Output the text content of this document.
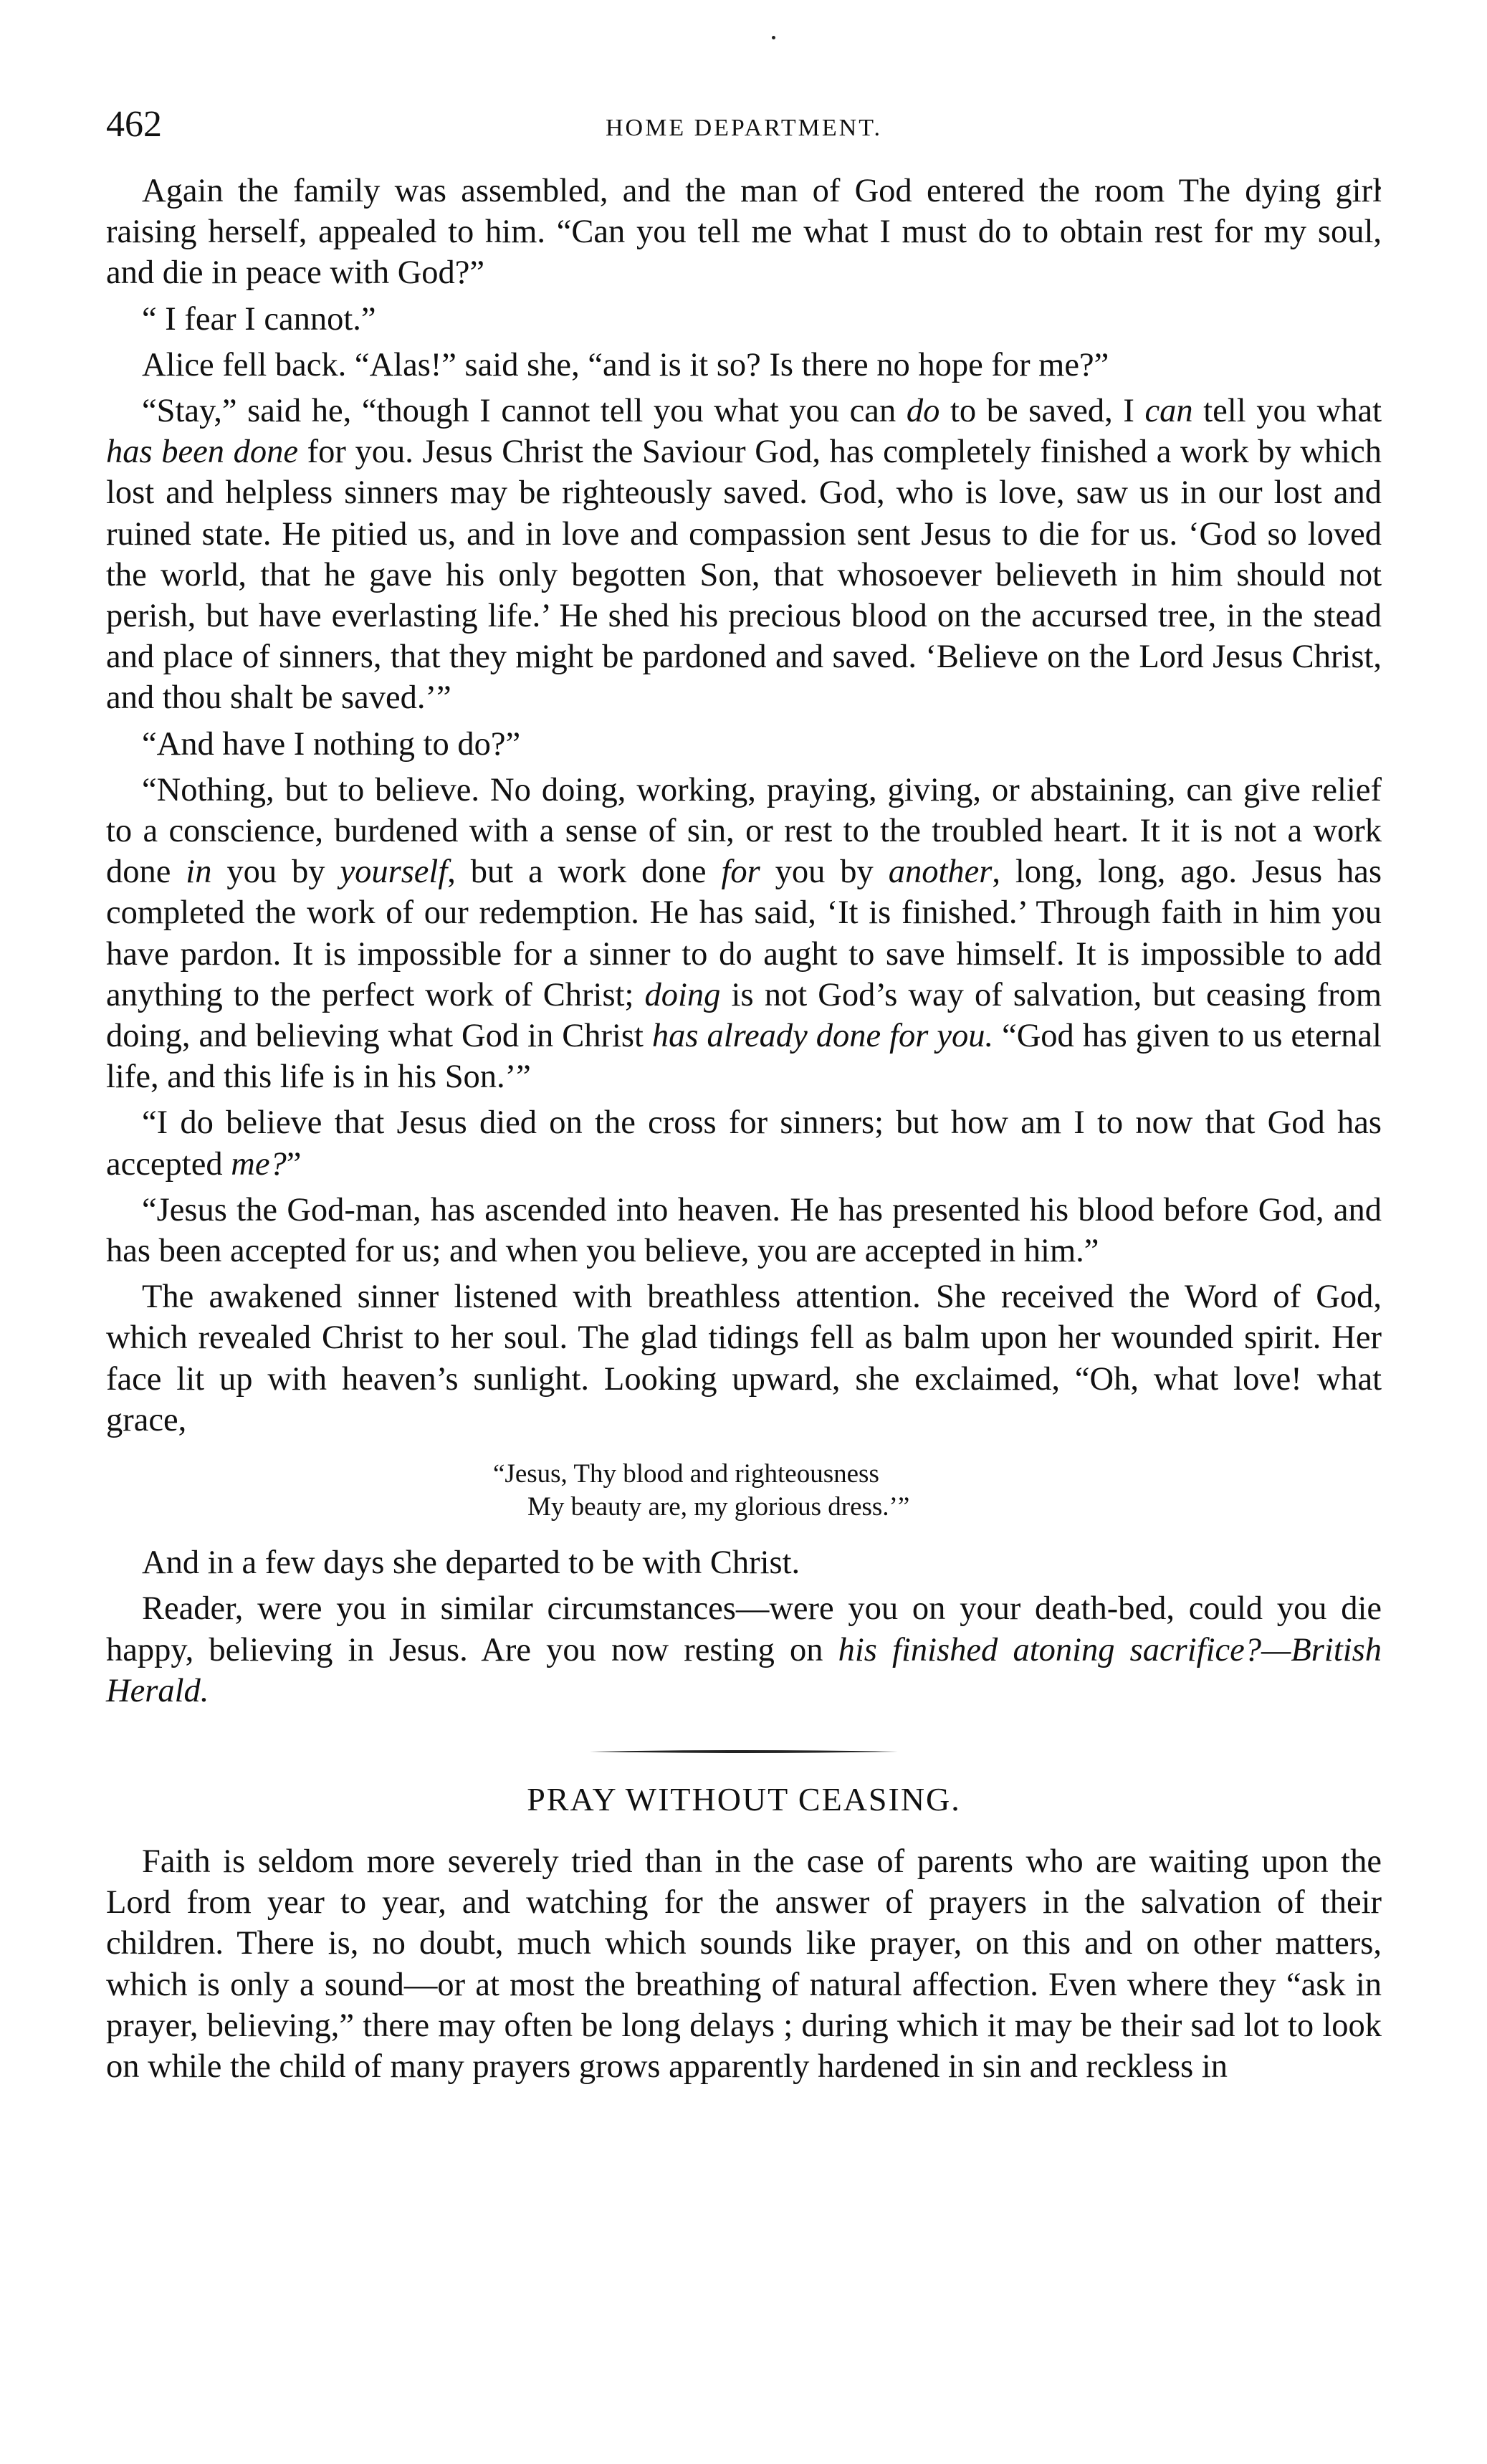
462	HOME DEPARTMENT.

Again the family was assembled, and the man of God entered the room The dying girl raising herself, appealed to him. “Can you tell me what I must do to obtain rest for my soul, and die in peace with God?”

“ I fear I cannot.”

Alice fell back. “Alas!” said she, “and is it so? Is there no hope for me?”

“Stay,” said he, “though I cannot tell you what you can do to be saved, I can tell you what has been done for you. Jesus Christ the Saviour God, has completely finished a work by which lost and helpless sinners may be righteously saved. God, who is love, saw us in our lost and ruined state. He pitied us, and in love and compassion sent Jesus to die for us. ‘God so loved the world, that he gave his only begotten Son, that whosoever believeth in him should not perish, but have everlasting life.’ He shed his precious blood on the accursed tree, in the stead and place of sinners, that they might be pardoned and saved. ‘Believe on the Lord Jesus Christ, and thou shalt be saved.’”

“And have I nothing to do?”

“Nothing, but to believe. No doing, working, praying, giving, or abstaining, can give relief to a conscience, burdened with a sense of sin, or rest to the troubled heart. It it is not a work done in you by yourself, but a work done for you by another, long, long, ago. Jesus has completed the work of our redemption. He has said, ‘It is finished.’ Through faith in him you have pardon. It is impossible for a sinner to do aught to save himself. It is impossible to add anything to the perfect work of Christ; doing is not God’s way of salvation, but ceasing from doing, and believing what God in Christ has already done for you. “God has given to us eternal life, and this life is in his Son.’”

“I do believe that Jesus died on the cross for sinners; but how am I to now that God has accepted me?”

“Jesus the God-man, has ascended into heaven. He has presented his blood before God, and has been accepted for us; and when you believe, you are accepted in him.”

The awakened sinner listened with breathless attention. She received the Word of God, which revealed Christ to her soul. The glad tidings fell as balm upon her wounded spirit. Her face lit up with heaven’s sunlight. Looking upward, she exclaimed, “Oh, what love! what grace,

“Jesus, Thy blood and righteousness
My beauty are, my glorious dress.’”

And in a few days she departed to be with Christ.

Reader, were you in similar circumstances—were you on your death-bed, could you die happy, believing in Jesus. Are you now resting on his finished atoning sacrifice?—British Herald.

PRAY WITHOUT CEASING.

Faith is seldom more severely tried than in the case of parents who are waiting upon the Lord from year to year, and watching for the answer of prayers in the salvation of their children. There is, no doubt, much which sounds like prayer, on this and on other matters, which is only a sound—or at most the breathing of natural affection. Even where they “ask in prayer, believing,” there may often be long delays ; during which it may be their sad lot to look on while the child of many prayers grows apparently hardened in sin and reckless in
